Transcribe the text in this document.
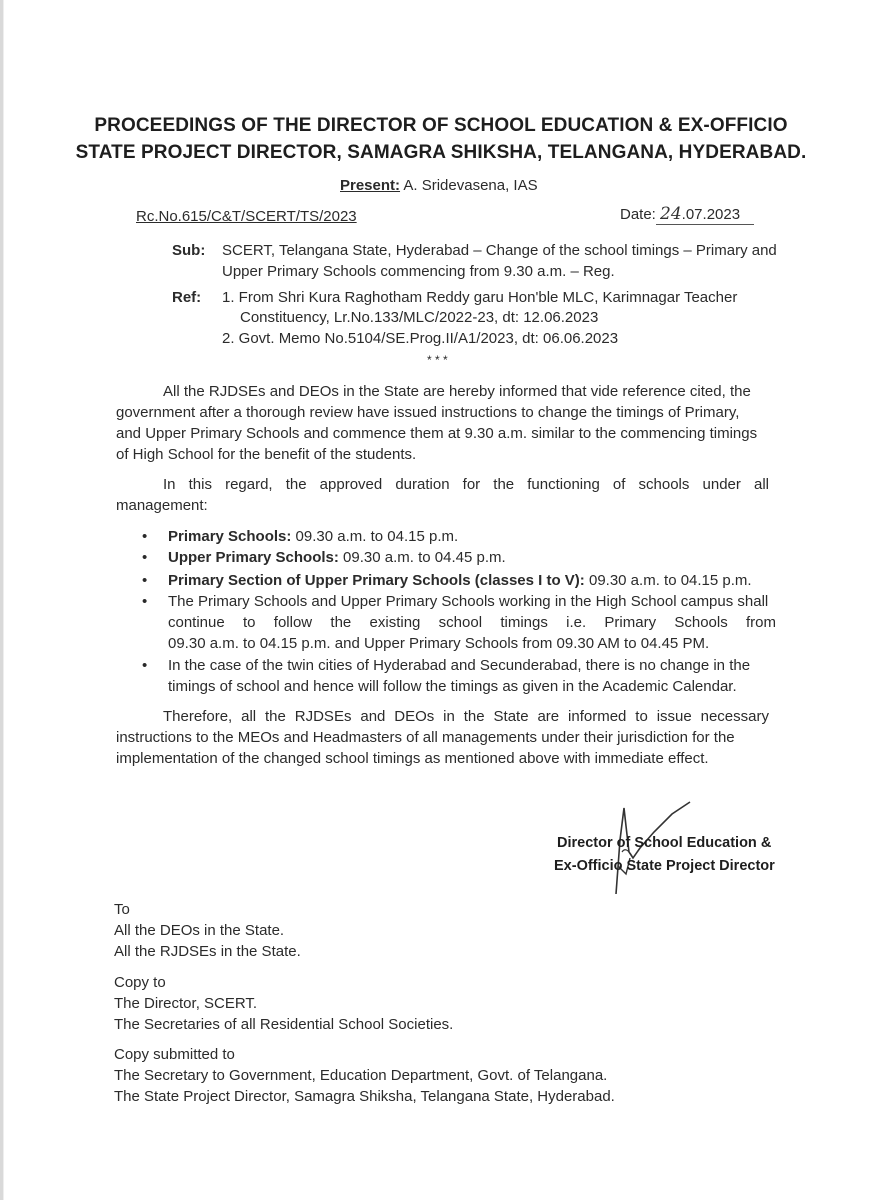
PROCEEDINGS OF THE DIRECTOR OF SCHOOL EDUCATION & EX-OFFICIO
STATE PROJECT DIRECTOR, SAMAGRA SHIKSHA, TELANGANA, HYDERABAD.
Present: A. Sridevasena, IAS
Rc.No.615/C&T/SCERT/TS/2023	Date: 24.07.2023
Sub: SCERT, Telangana State, Hyderabad – Change of the school timings – Primary and
Upper Primary Schools commencing from 9.30 a.m. – Reg.
Ref: 1. From Shri Kura Raghotham Reddy garu Hon'ble MLC, Karimnagar Teacher
Constituency, Lr.No.133/MLC/2022-23, dt: 12.06.2023
2. Govt. Memo No.5104/SE.Prog.II/A1/2023, dt: 06.06.2023
* * *
All the RJDSEs and DEOs in the State are hereby informed that vide reference cited, the
government after a thorough review have issued instructions to change the timings of Primary,
and Upper Primary Schools and commence them at 9.30 a.m. similar to the commencing timings
of High School for the benefit of the students.
In this regard, the approved duration for the functioning of schools under all
management:
• Primary Schools: 09.30 a.m. to 04.15 p.m.
• Upper Primary Schools: 09.30 a.m. to 04.45 p.m.
• Primary Section of Upper Primary Schools (classes I to V): 09.30 a.m. to 04.15 p.m.
• The Primary Schools and Upper Primary Schools working in the High School campus shall
continue to follow the existing school timings i.e. Primary Schools from
09.30 a.m. to 04.15 p.m. and Upper Primary Schools from 09.30 AM to 04.45 PM.
• In the case of the twin cities of Hyderabad and Secunderabad, there is no change in the
timings of school and hence will follow the timings as given in the Academic Calendar.
Therefore, all the RJDSEs and DEOs in the State are informed to issue necessary
instructions to the MEOs and Headmasters of all managements under their jurisdiction for the
implementation of the changed school timings as mentioned above with immediate effect.
Director of School Education &
Ex-Officio State Project Director
To
All the DEOs in the State.
All the RJDSEs in the State.
Copy to
The Director, SCERT.
The Secretaries of all Residential School Societies.
Copy submitted to
The Secretary to Government, Education Department, Govt. of Telangana.
The State Project Director, Samagra Shiksha, Telangana State, Hyderabad.
